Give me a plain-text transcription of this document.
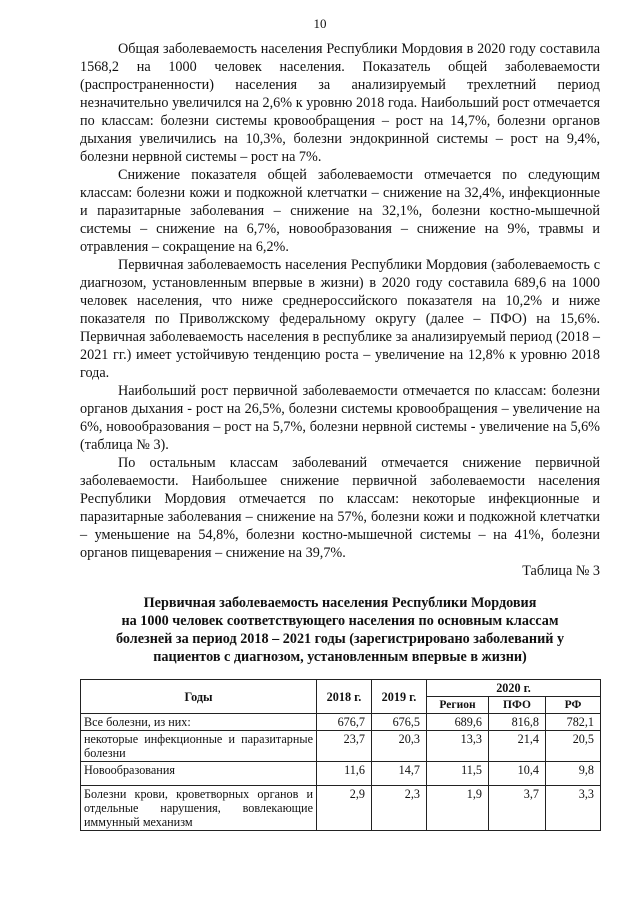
10

Общая заболеваемость населения Республики Мордовия в 2020 году составила 1568,2 на 1000 человек населения. Показатель общей заболеваемости (распространенности) населения за анализируемый трехлетний период незначительно увеличился на 2,6% к уровню 2018 года. Наибольший рост отмечается по классам: болезни системы кровообращения – рост на 14,7%, болезни органов дыхания увеличились на 10,3%, болезни эндокринной системы – рост на 9,4%, болезни нервной системы – рост на 7%.

Снижение показателя общей заболеваемости отмечается по следующим классам: болезни кожи и подкожной клетчатки – снижение на 32,4%, инфекционные и паразитарные заболевания – снижение на 32,1%, болезни костно-мышечной системы – снижение на 6,7%, новообразования – снижение на 9%, травмы и отравления – сокращение на 6,2%.

Первичная заболеваемость населения Республики Мордовия (заболеваемость с диагнозом, установленным впервые в жизни) в 2020 году составила 689,6 на 1000 человек населения, что ниже среднероссийского показателя на 10,2% и ниже показателя по Приволжскому федеральному округу (далее – ПФО) на 15,6%. Первичная заболеваемость населения в республике за анализируемый период (2018 – 2021 гг.) имеет устойчивую тенденцию роста – увеличение на 12,8% к уровню 2018 года.

Наибольший рост первичной заболеваемости отмечается по классам: болезни органов дыхания - рост на 26,5%, болезни системы кровообращения – увеличение на 6%, новообразования – рост на 5,7%, болезни нервной системы - увеличение на 5,6%(таблица № 3).

По остальным классам заболеваний отмечается снижение первичной заболеваемости. Наибольшее снижение первичной заболеваемости населения Республики Мордовия отмечается по классам: некоторые инфекционные и паразитарные заболевания – снижение на 57%, болезни кожи и подкожной клетчатки – уменьшение на 54,8%, болезни костно-мышечной системы – на 41%, болезни органов пищеварения – снижение на 39,7%.

Таблица № 3
Первичная заболеваемость населения Республики Мордовия
на 1000 человек соответствующего населения по основным классам
болезней за период 2018 – 2021 годы (зарегистрировано заболеваний у
пациентов с диагнозом, установленным впервые в жизни)
Годы	2018 г.	2019 г.	2020 г.		
			Регион	ПФО	РФ
Все болезни, из них:	676,7	676,5	689,6	816,8	782,1
некоторые инфекционные и паразитарные болезни	23,7	20,3	13,3	21,4	20,5
Новообразования	11,6	14,7	11,5	10,4	9,8
Болезни крови, кроветворных органов и отдельные нарушения, вовлекающие иммунный механизм	2,9	2,3	1,9	3,7	3,3
